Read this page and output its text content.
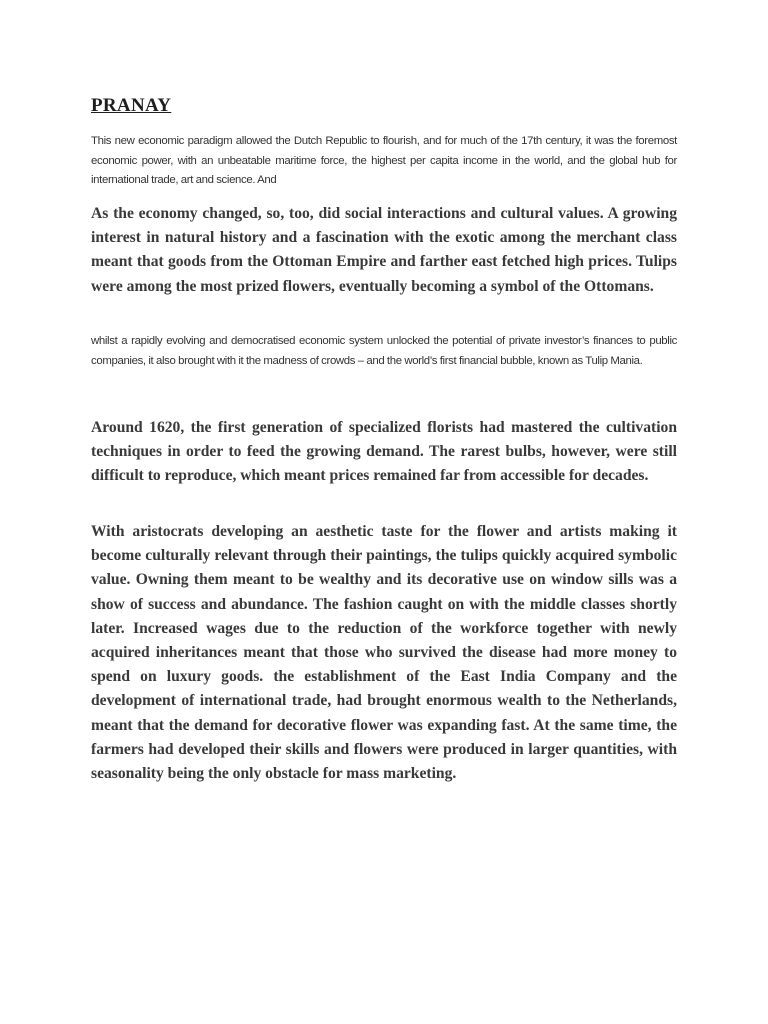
PRANAY

This new economic paradigm allowed the Dutch Republic to flourish, and for much of the 17th century, it was the foremost economic power, with an unbeatable maritime force, the highest per capita income in the world, and the global hub for international trade, art and science. And

As the economy changed, so, too, did social interactions and cultural values. A growing interest in natural history and a fascination with the exotic among the merchant class meant that goods from the Ottoman Empire and farther east fetched high prices. Tulips were among the most prized flowers, eventually becoming a symbol of the Ottomans.

whilst a rapidly evolving and democratised economic system unlocked the potential of private investor’s finances to public companies, it also brought with it the madness of crowds – and the world’s first financial bubble, known as Tulip Mania.

Around 1620, the first generation of specialized florists had mastered the cultivation techniques in order to feed the growing demand. The rarest bulbs, however, were still difficult to reproduce, which meant prices remained far from accessible for decades.

With aristocrats developing an aesthetic taste for the flower and artists making it become culturally relevant through their paintings, the tulips quickly acquired symbolic value. Owning them meant to be wealthy and its decorative use on window sills was a show of success and abundance. The fashion caught on with the middle classes shortly later. Increased wages due to the reduction of the workforce together with newly acquired inheritances meant that those who survived the disease had more money to spend on luxury goods. the establishment of the East India Company and the development of international trade, had brought enormous wealth to the Netherlands, meant that the demand for decorative flower was expanding fast. At the same time, the farmers had developed their skills and flowers were produced in larger quantities, with seasonality being the only obstacle for mass marketing.
